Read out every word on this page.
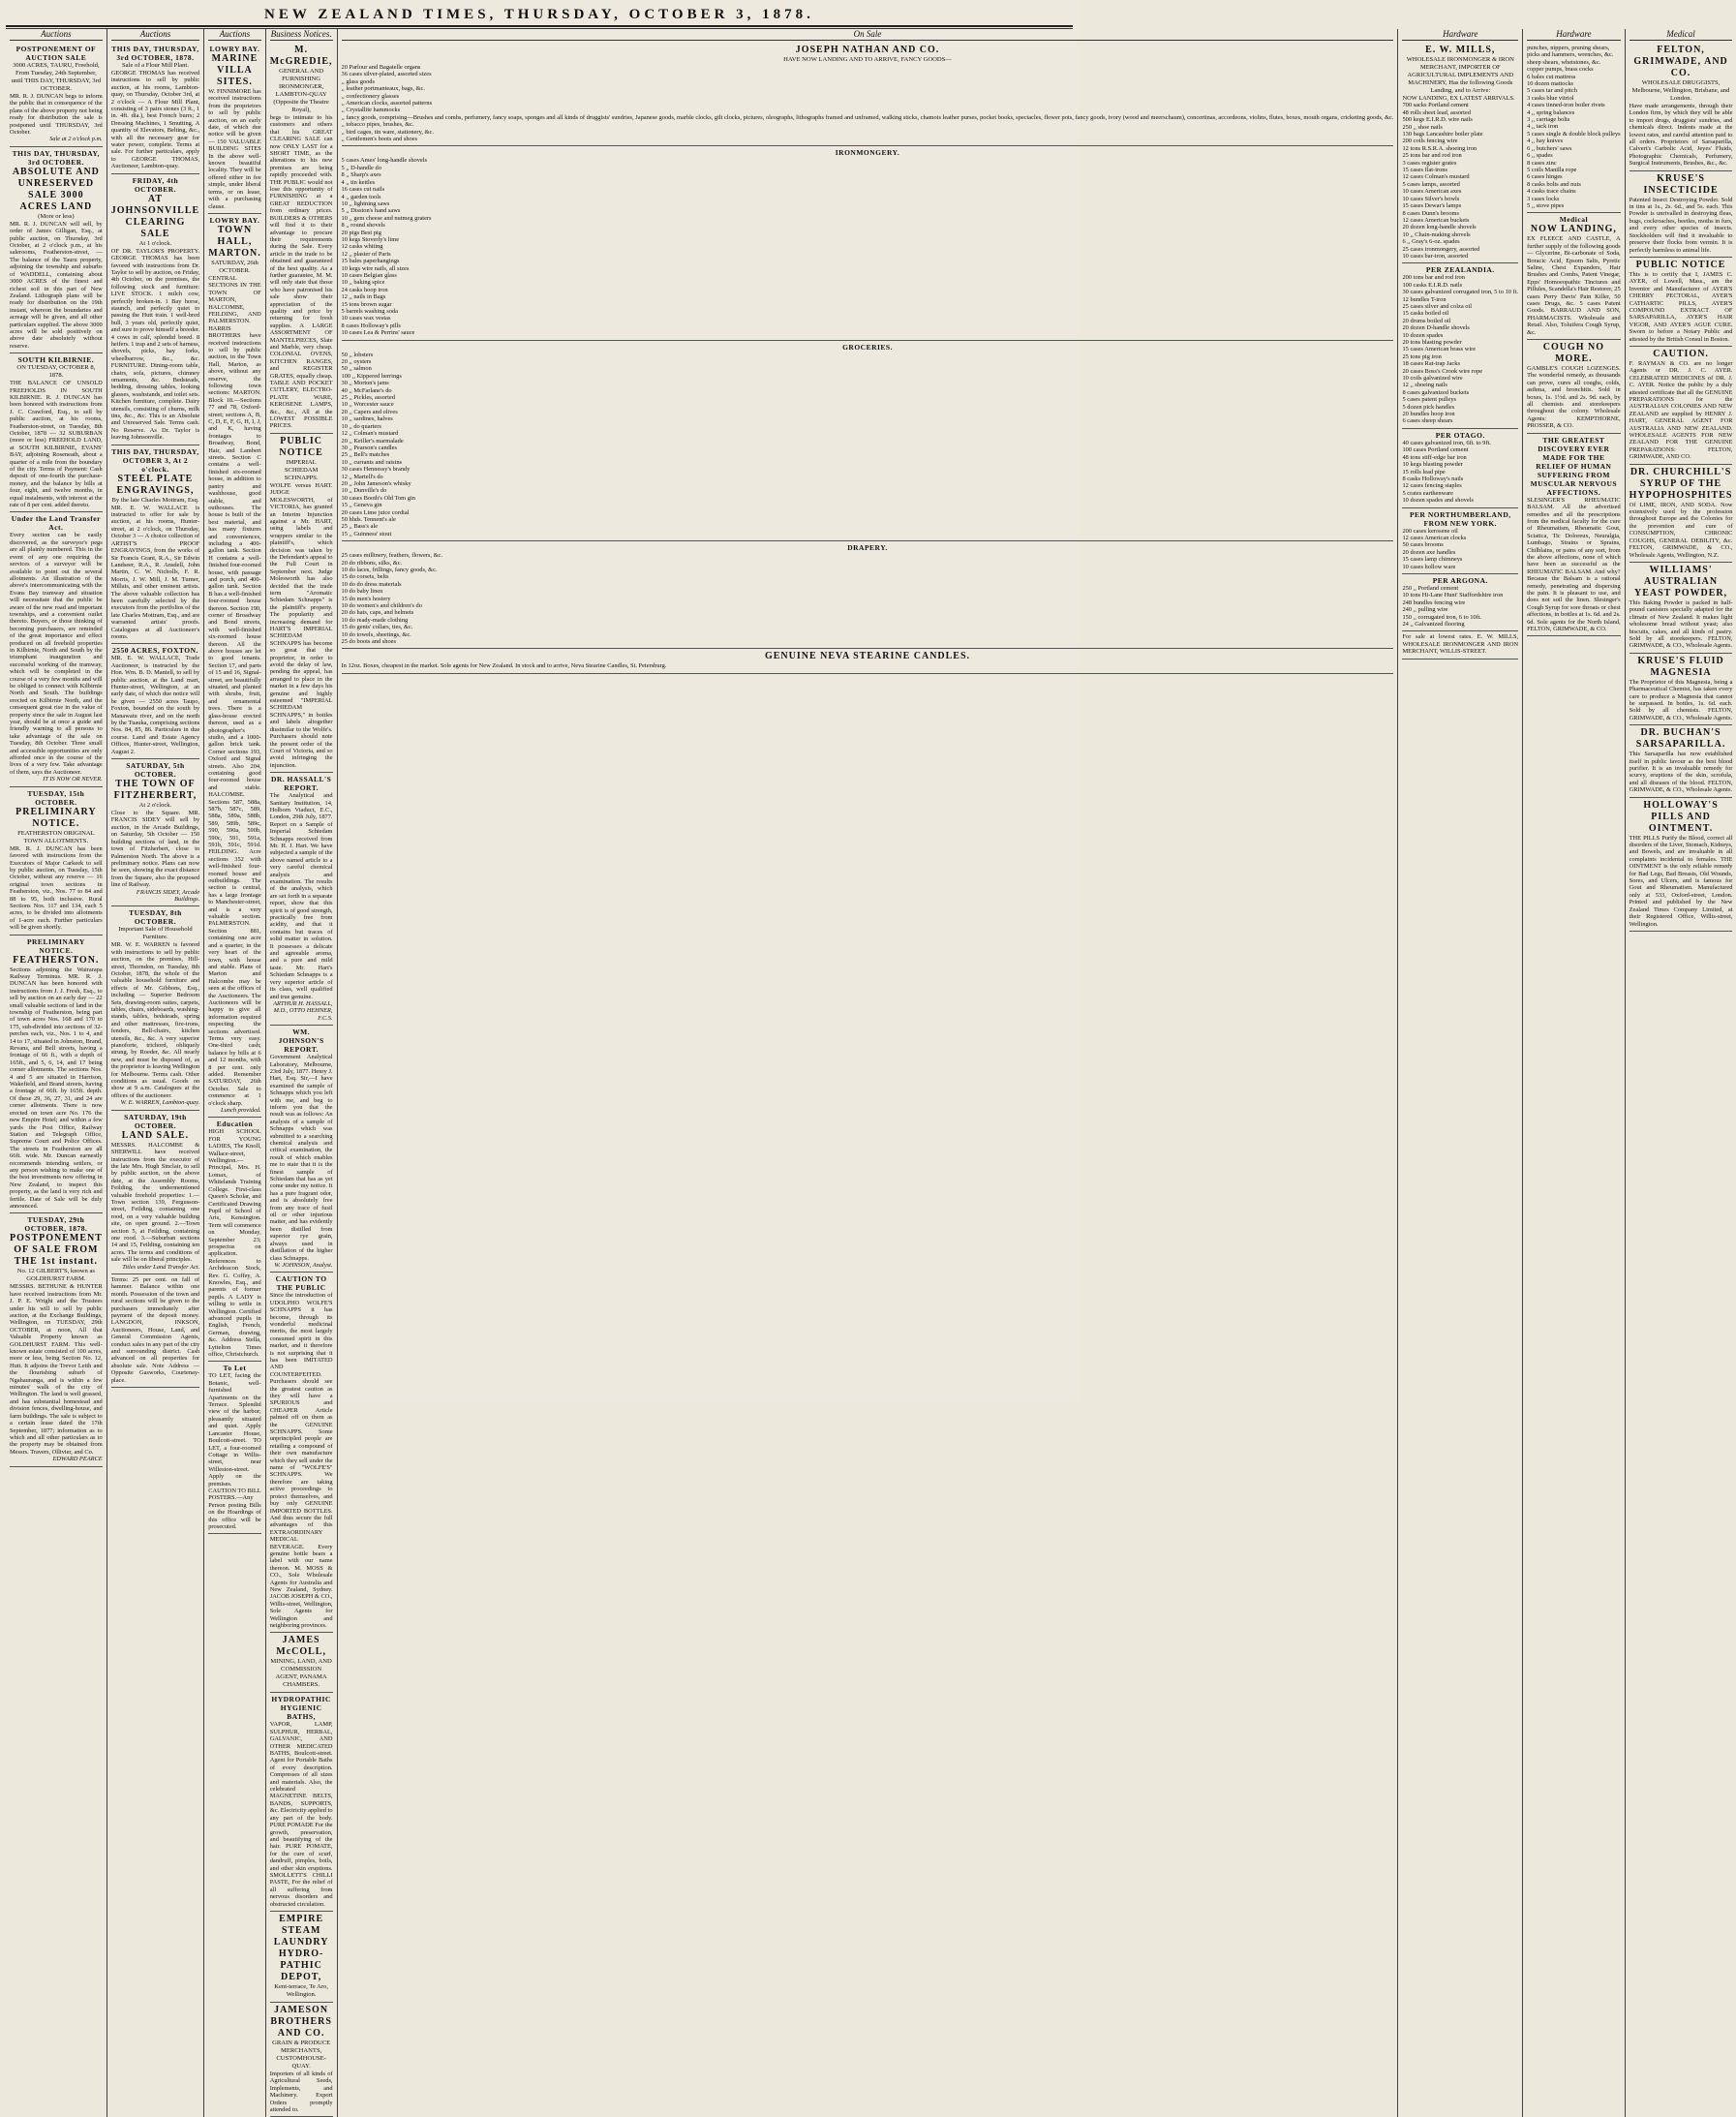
NEW ZEALAND TIMES, THURSDAY, OCTOBER 3, 1878.
Auctions
POSTPONEMENT OF AUCTION SALE
3000 ACRES, TAURU, Freehold, From Tuesday, 24th September, until THIS DAY, THURSDAY, 3rd OCTOBER.
MR. R. J. DUNCAN begs to inform the public that in consequence of the plans of the above property not being ready for distribution the sale is postponed until THURSDAY, 3rd October.
Sale at 2 o'clock p.m.
THIS DAY, THURSDAY, 3rd OCTOBER.
ABSOLUTE AND UNRESERVED SALE 3000 ACRES LAND
(More or less)
MR. R. J. DUNCAN will sell, by order of James Gilligan, Esq., at public auction, on Thursday, 3rd October, at 2 o'clock p.m., at his salerooms, Featherston-street, — The balance of the Tauru property, adjoining the township and suburbs of WADDELL, containing about 3000 ACRES of the finest and richest soil in this part of New Zealand. Lithograph plans will be ready for distribution on the 19th instant, whereon the boundaries and acreage will be given, and all other particulars supplied. The above 3000 acres will be sold positively on above date absolutely without reserve.
SOUTH KILBIRNIE.
ON TUESDAY, OCTOBER 8, 1878.
THE BALANCE OF UNSOLD FREEHOLDS IN SOUTH KILBIRNIE. R. J. DUNCAN has been honored with instructions from J. C. Crawford, Esq., to sell by public auction, at his rooms, Featherston-street, on Tuesday, 8th October, 1878 — 32 SUBURBAN (more or less) FREEHOLD LAND, at SOUTH KILBIRNIE, EVANS' BAY, adjoining Roseneath, about a quarter of a mile from the boundary of the city. Terms of Payment: Cash deposit of one-fourth the purchase-money, and the balance by bills at four, eight, and twelve months, in equal instalments, with interest at the rate of 8 per cent. added thereto.
Under the Land Transfer Act.
Every section can be easily discovered, as the surveyor's pegs are all plainly numbered. This in the event of any one requiring the services of a surveyor will be available to point out the several allotments. An illustration of the above's intercommunicating with the Evans Bay tramway and situation will necessitate that the public be aware of the new road and important townships, and a convenient outlet thereto. Buyers, or those thinking of becoming purchasers, are reminded of the great importance and effect produced on all freehold properties in Kilbirnie, North and South by the triumphant inauguration and successful working of the tramway, which will be completed in the course of a very few months and will be obliged to connect with Kilbirnie North and South. The buildings erected on Kilbirnie North, and the consequent great rise in the value of property since the sale in August last year, should be at once a guide and friendly warning to all persons to take advantage of the sale on Tuesday, 8th October. Three small and accessible opportunities are only afforded once in the course of the lives of a very few. Take advantage of them, says the Auctioneer.
IT IS NOW OR NEVER.
TUESDAY, 15th OCTOBER.
PRELIMINARY NOTICE.
FEATHERSTON ORIGINAL TOWN ALLOTMENTS.
MR. R. J. DUNCAN has been favored with instructions from the Executors of Major Carkeek to sell by public auction, on Tuesday, 15th October, without any reserve — 16 original town sections in Featherston, viz., Nos. 77 to 84 and 88 to 95, both inclusive. Rural Sections Nos. 117 and 134, each 5 acres, to be divided into allotments of 1-acre each. Further particulars will be given shortly.
PRELIMINARY NOTICE.
FEATHERSTON.
Sections adjoining the Wairarapa Railway Terminus. MR. R. J. DUNCAN has been honored with instructions from J. J. Fresh, Esq., to sell by auction on an early day — 22 small valuable sections of land in the township of Featherston, being part of town acres Nos. 168 and 170 to 175, sub-divided into sections of 32-perches each, viz., Nos. 1 to 4, and 14 to 17, situated in Johnston, Brand, Revans, and Bell streets, having a frontage of 66 ft., with a depth of 165ft., and 5, 6, 14, and 17 being corner allotments. The sections Nos. 4 and 5 are situated in Harrison, Wakefield, and Brand streets, having a frontage of 66ft. by 165ft. depth. Of these 29, 36, 27, 31, and 24 are corner allotments. There is now erected on town acre No. 176 the new Empire Hotel; and within a few yards the Post Office, Railway Station and Telegraph Office, Supreme Court and Police Offices. The streets in Featherston are all 66ft. wide. Mr. Duncan earnestly recommends intending settlers, or any person wishing to make one of the best investments now offering in New Zealand, to inspect this property, as the land is very rich and fertile. Date of Sale will be duly announced.
TUESDAY, 29th OCTOBER, 1878.
POSTPONEMENT OF SALE FROM THE 1st instant.
No. 12 GILBERT'S, known as GOLDHURST FARM.
MESSRS. BETHUNE & HUNTER have received instructions from Mr. J. P. E. Wright and the Trustees under his will to sell by public auction, at the Exchange Buildings, Wellington, on TUESDAY, 29th OCTOBER, at noon, All that Valuable Property known as GOLDHURST FARM. This well-known estate consisted of 100 acres, more or less, being Section No. 12, Hutt. It adjoins the Trevor Leith and the flourishing suburb of Ngahauranga, and is within a few minutes' walk of the city of Wellington. The land is well grassed, and has substantial homestead and division fences, dwelling-house, and farm buildings. The sale is subject to a certain lease dated the 17th September, 1877; information as to which and all other particulars as to the property may be obtained from Messrs. Travers, Ollivier, and Co.
EDWARD PEARCE
Auctions
THIS DAY, THURSDAY, 3rd OCTOBER, 1878.
Sale of a Flour Mill Plant.
GEORGE THOMAS has received instructions to sell by public auction, at his rooms, Lambton-quay, on Thursday, October 3rd, at 2 o'clock — A Flour Mill Plant, consisting of 3 pairs stones (3 ft., 1 in. 4ft. dia.), best French burrs; 2 Dressing Machines, 1 Smutting, A quantity of Elevators, Belting, &c., with all the necessary gear for water power, complete. Terms at sale. For further particulars, apply to GEORGE THOMAS, Auctioneer, Lambton-quay.
FRIDAY, 4th OCTOBER.
AT JOHNSONVILLE CLEARING SALE
At 1 o'clock.
OF DR. TAYLOR'S PROPERTY. GEORGE THOMAS has been favored with instructions from Dr. Taylor to sell by auction, on Friday, 4th October, on the premises, the following stock and furniture: LIVE STOCK. 1 milch cow, perfectly broken-in. 1 Bay horse, staunch, and perfectly quiet to passing the Hutt train. 1 well-bred bull, 3 years old, perfectly quiet, and sure to prove himself a breeder. 4 cows in calf, splendid breed. 8 heifers. 1 trap and 2 sets of harness, shovels, picks, hay forks, wheelbarrow, &c., &c. FURNITURE. Dining-room table, chairs, sofa, pictures, chimney ornaments, &c. Bedsteads, bedding, dressing tables, looking glasses, washstands, and toilet sets. Kitchen furniture, complete. Dairy utensils, consisting of churns, milk tins, &c., &c. This is an Absolute and Unreserved Sale. Terms cash. No Reserve. As Dr. Taylor is leaving Johnsonville.
THIS DAY, THURSDAY, OCTOBER 3, At 2 o'clock.
STEEL PLATE ENGRAVINGS,
By the late Charles Mottram, Esq.
MR. E. W. WALLACE is instructed to offer for sale by auction, at his rooms, Hunter-street, at 2 o'clock, on Thursday, October 3 — A choice collection of ARTIST'S PROOF ENGRAVINGS, from the works of Sir Francis Grant, R.A., Sir Edwin Landseer, R.A., R. Ansdell, John Martin, C. W. Nicholls, F. R. Morris, J. W. Mill, J. M. Turner, Millais, and other eminent artists. The above valuable collection has been carefully selected by the executors from the portfolios of the late Charles Mottram, Esq., and are warranted artists' proofs. Catalogues at all Auctioneer's rooms.
2550 ACRES, FOXTON.
MR. E. W. WALLACE, Trade Auctioneer, is instructed by the Hon. Wm. B. D. Mantell, to sell by public auction, at the Land mart, Hunter-street, Wellington, at an early date, of which due notice will be given — 2550 acres Taupo, Foxton, bounded on the south by Manawatu river, and on the north by the Tuauka, comprising sections Nos. 84, 85, 86. Particulars in due course. Land and Estate Agency Offices, Hunter-street, Wellington, August 2.
SATURDAY, 5th OCTOBER.
THE TOWN OF FITZHERBERT,
At 2 o'clock.
Close to the Square. MR. FRANCIS SIDEY will sell by auction, in the Arcade Buildings, on Saturday, 5th October — 150 building sections of land, in the town of Fitzherbert, close to Palmerston North. The above is a preliminary notice. Plans can now be seen, showing the exact distance from the Square, also the proposed line of Railway.
FRANCIS SIDEY, Arcade Buildings.
TUESDAY, 8th OCTOBER.
Important Sale of Household Furniture.
MR. W. E. WARREN is favored with instructions to sell by public auction, on the premises, Hill-street, Thorndon, on Tuesday, 8th October, 1878, the whole of the valuable household furniture and effects of Mr. Gibbons, Esq., including — Superior Bedroom Sets, drawing-room suites, carpets, tables, chairs, sideboards, washing-stands, tables, bedsteads, spring and other mattresses, fire-irons, fenders, Bell-chairs, kitchen utensils, &c., &c. A very superior pianoforte, trichord, obliquely strung, by Roeder, &c. All nearly new, and must be disposed of, as the proprietor is leaving Wellington for Melbourne. Terms cash. Other conditions as usual. Goods on show at 9 a.m. Catalogues at the offices of the auctioneer.
W. E. WARREN, Lambton-quay.
SATURDAY, 19th OCTOBER.
LAND SALE.
MESSRS. HALCOMBE & SHERWILL have received instructions from the executor of the late Mrs. Hugh Sinclair, to sell by public auction, on the above date, at the Assembly Rooms, Feilding, the undermentioned valuable freehold properties: 1.—Town section 139, Fergusson-street, Feilding, containing one rood, on a very valuable building site, on open ground. 2.—Town section 5, at Feilding, containing one rood. 3.—Suburban sections 14 and 15, Feilding, containing ten acres. The terms and conditions of sale will be on liberal principles.
Titles under Land Transfer Act.
Terms: 25 per cent. on fall of hammer. Balance within one month. Possession of the town and rural sections will be given to the purchasers immediately after payment of the deposit money. LANGDON, INKSON, Auctioneers, House, Land, and General Commission Agents, conduct sales in any part of the city and surrounding district. Cash advanced on all properties for absolute sale. Note Address — Opposite Gasworks, Courtenay-place.
Auctions
LOWRY BAY.
MARINE VILLA SITES.
W. FINNIMORE has received instructions from the proprietors to sell by public auction, on an early date, of which due notice will be given — 150 VALUABLE BUILDING SITES In the above well-known beautiful locality. They will be offered either in fee simple, under liberal terms, or on lease, with a purchasing clause.
LOWRY BAY.
TOWN HALL, MARTON.
SATURDAY, 26th OCTOBER.
CENTRAL SECTIONS IN THE TOWN OF MARTON, HALCOMBE, FEILDING, AND PALMERSTON. HARRIS BROTHERS have received instructions to sell by public auction, in the Town Hall, Marton, as above, without any reserve, the following town sections: MARTON. Block 18.—Sections 77 and 78, Oxford-street; sections A, B, C, D, E, F, G, H, I, J, and K, having frontages to Broadway, Bond, Hair, and Lambert streets. Section C contains a well-finished six-roomed house, in addition to pantry and washhouse, good stable, and outhouses. The house is built of the best material, and has many fixtures and conveniences, including a 400-gallon tank. Section H contains a well-finished four-roomed house, with passage and porch, and 400-gallon tank. Section B has a well-finished four-roomed house thereon. Section 190, corner of Broadway and Bond streets, with well-finished six-roomed house thereon. All the above houses are let to good tenants. Section 17, and parts of 15 and 16, Signal-street, are beautifully situated, and planted with shrubs, fruit, and ornamental trees. There is a glass-house erected thereon, used as a photographer's studio, and a 1000-gallon brick tank. Corner sections 193, Oxford and Signal streets. Also 204, containing good four-roomed house and stable. HALCOMBE. Sections 587, 588a, 587b, 587c, 589, 588a, 589a, 588b, 589, 589b, 589c, 590, 590a, 590b, 590c, 591, 591a, 591b, 591c, 591d. FEILDING. Acre sections 352 with well-finished four-roomed house and outbuildings. The section is central, has a large frontage to Manchester-street, and is a very valuable section. PALMERSTON. Section 881, containing one acre and a quarter, in the very heart of the town, with house and stable. Plans of Marton and Halcombe may be seen at the offices of the Auctioneers. The Auctioneers will be happy to give all information required respecting the sections advertised. Terms very easy. One-third cash; balance by bills at 6 and 12 months, with 8 per cent. only added. Remember SATURDAY, 26th October. Sale to commence at 1 o'clock sharp.
Lunch provided.
Education
HIGH SCHOOL FOR YOUNG LADIES, The Knoll, Wallace-street, Wellington.—Principal, Mrs. H. Lomax, of Whitelands Training College. First-class Queen's Scholar, and Certificated Drawing Pupil of School of Arts, Kensington. Term will commence on Monday, September 23; prospectus on application. References to Archdeacon Stock, Rev. G. Coffey, A. Knowles, Esq., and parents of former pupils. A LADY is willing to settle in Wellington. Certified advanced pupils in English, French, German, drawing, &c. Address Stella, Lyttelton Times office, Christchurch.
To Let
TO LET, facing the Botanic, well-furnished Apartments on the Terrace. Splendid view of the harbor; pleasantly situated and quiet. Apply Lancaster House, Boulcott-street. TO LET, a four-roomed Cottage in Willis-street, near Willeston-street. Apply on the premises. CAUTION TO BILL POSTERS.—Any Person posting Bills on the Hoardings of this office will be prosecuted.
Business Notices.
M. McGREDIE,
GENERAL AND FURNISHING IRONMONGER, LAMBTON-QUAY (Opposite the Theatre Royal),
begs to intimate to his customers and others that his GREAT CLEARING SALE can now ONLY LAST for a SHORT TIME, as the alterations to his new premises are being rapidly proceeded with. THE PUBLIC would not lose this opportunity of FURNISHING at a GREAT REDUCTION from ordinary prices. BUILDERS & OTHERS will find it to their advantage to procure their requirements during the Sale. Every article in the trade to be obtained and guaranteed of the best quality. As a further guarantee, M. M. will only state that those who have patronised his sale show their appreciation of the quality and price by returning for fresh supplies. A LARGE ASSORTMENT OF MANTELPIECES, Slate and Marble, very cheap. COLONIAL OVENS, KITCHEN RANGES, and REGISTER GRATES, equally cheap. TABLE AND POCKET CUTLERY, ELECTRO-PLATE WARE, KEROSENE LAMPS, &c., &c., All at the LOWEST POSSIBLE PRICES.
PUBLIC NOTICE
IMPERIAL SCHIEDAM SCHNAPPS.
WOLFE versus HART. JUDGE MOLESWORTH, of VICTORIA, has granted an Interim Injunction against a Mr. HART, using labels and wrappers similar to the plaintiff's, which decision was taken by the Defendant's appeal to the Full Court in September next. Judge Molesworth has also decided that the trade term "Aromatic Schiedam Schnapps" is the plaintiff's property. The popularity and increasing demand for HART'S IMPERIAL SCHIEDAM SCHNAPPS has become so great that the proprietor, in order to avoid the delay of law, pending the appeal, has arranged to place in the market in a few days his genuine and highly esteemed "IMPERIAL SCHIEDAM SCHNAPPS," in bottles and labels altogether dissimilar to the Wolfe's. Purchasers should note the present order of the Court of Victoria, and so avoid infringing the injunction.
DR. HASSALL'S REPORT.
The Analytical and Sanitary Institution, 14, Holborn Viaduct, E.C., London, 29th July, 1877. Report on a Sample of Imperial Schiedam Schnapps received from Mr. H. J. Hart. We have subjected a sample of the above named article to a very careful chemical analysis and examination. The results of the analysis, which are set forth in a separate report, show that this spirit is of good strength, practically free from acidity, and that it contains but traces of solid matter in solution. It possesses a delicate and agreeable aroma, and a pure and mild taste. Mr. Hart's Schiedam Schnapps is a very superior article of its class, well qualified and true genuine.
ARTHUR H. HASSALL, M.D., OTTO HEHNER, F.C.S.
WM. JOHNSON'S REPORT.
Government Analytical Laboratory, Melbourne, 23rd July, 1877. Henry J. Hart, Esq. Sir,—I have examined the sample of Schnapps which you left with me, and beg to inform you that the result was as follows: An analysis of a sample of Schnapps which was submitted to a searching chemical analysis and critical examination, the result of which enables me to state that it is the finest sample of Schiedam that has as yet come under my notice. It has a pure fragrant odor, and is absolutely free from any trace of fusil oil or other injurious matter, and has evidently been distilled from superior rye grain, always used in distillation of the higher class Schnapps.
W. JOHNSON, Analyst.
CAUTION TO THE PUBLIC
Since the introduction of UDOLPHO WOLFE'S SCHNAPPS it has become, through its wonderful medicinal merits, the most largely consumed spirit in this market, and it therefore is not surprising that it has been IMITATED AND COUNTERFEITED. Purchasers should see the greatest caution as they will have a SPURIOUS and CHEAPER Article palmed off on them as the GENUINE SCHNAPPS. Some unprincipled people are retailing a compound of their own manufacture which they sell under the name of "WOLFE'S" SCHNAPPS. We therefore are taking active proceedings to protect themselves, and buy only GENUINE IMPORTED BOTTLES. And thus secure the full advantages of this EXTRAORDINARY MEDICAL BEVERAGE. Every genuine bottle bears a label with our name thereon. M. MOSS & CO., Sole Wholesale Agents for Australia and New Zealand, Sydney. JACOB JOSEPH & CO., Willis-street, Wellington, Sole Agents for Wellington and neighboring provinces.
JAMES McCOLL,
MINING, LAND, AND COMMISSION AGENT, PANAMA CHAMBERS.
HYDROPATHIC HYGIENIC BATHS,
VAPOR, LAMP, SULPHUR, HERBAL, GALVANIC, AND OTHER MEDICATED BATHS, Boulcott-street. Agent for Portable Baths of every description. Compresses of all sizes and materials. Also, the celebrated MAGNETINE BELTS, BANDS, SUPPORTS, &c. Electricity applied to any part of the body. PURE POMADE For the growth, preservation, and beautifying of the hair. PURE POMATE, for the cure of scurf, dandruff, pimples, boils, and other skin eruptions. SMOLLETT'S CHILLI PASTE, For the relief of all suffering from nervous disorders and obstructed circulation.
EMPIRE STEAM LAUNDRY HYDRO-PATHIC DEPOT,
Kent-terrace, Te Aro, Wellington.
JAMESON BROTHERS AND CO.
GRAIN & PRODUCE MERCHANTS, CUSTOMHOUSE-QUAY.
Importers of all kinds of Agricultural Seeds, Implements, and Machinery. Export Orders promptly attended to.
On Sale
JOSEPH NATHAN AND CO.
HAVE NOW LANDING AND TO ARRIVE, FANCY GOODS—
20 Parlour and Bagatelle organs
36 cases silver-plated, assorted sizes
,, glass goods
,, leather portmanteaux, bags, &c.
,, confectionery glasses
,, American clocks, assorted patterns
,, Crystallite hammocks
,, fancy goods, comprising—Brushes and combs, perfumery, fancy soaps, sponges and all kinds of druggists' sundries, Japanese goods, marble clocks, gilt clocks, pictures, oleographs, lithographs framed and unframed, walking sticks, chamois leather purses, pocket books, spectacles, flower pots, fancy goods, ivory (wood and meerschaum), concertinas, accordeons, violins, flutes, boxes, mouth organs, cricketing goods, &c.
,, tobacco pipes, brushes, &c.
,, bird cages, tin ware, stationery, &c.
,, Gentlemen's boots and shoes
IRONMONGERY.
5 cases Ames' long-handle shovels
5 ,, D-handle do
8 ,, Sharp's axes
4 ,, tin kettles
16 cases cut nails
4 ,, garden tools
10 ,, lightning saws
5 ,, Disston's hand saws
10 ,, gem cheese and nutmeg graters
8 ,, round shovels
20 pigs Best pig
10 kegs Stoverly's lime
12 casks whiting
12 ,, plaster of Paris
15 bales paperhangings
10 kegs wire nails, all sizes
10 cases Belgian glass
10 ,, baking spice
24 casks hoop iron
12 ,, nails in Bags
15 tons brown sugar
5 barrels washing soda
10 cases wax vestas
8 cases Holloway's pills
10 cases Lea & Perrins' sauce
GROCERIES.
50 ,, lobsters
20 ,, oysters
50 ,, salmon
100 ,, Kippered herrings
30 ,, Morton's jams
40 ,, McFarlane's do
25 ,, Pickles, assorted
10 ,, Worcester sauce
20 ,, Capers and olives
10 ,, sardines, halves
10 ,, do quarters
12 ,, Colman's mustard
20 ,, Keiller's marmalade
30 ,, Pearson's candles
25 ,, Bell's matches
10 ,, currants and raisins
30 cases Hennessy's brandy
12 ,, Martell's do
20 ,, John Jameson's whisky
10 ,, Dunville's do
30 cases Booth's Old Tom gin
15 ,, Geneva gin
20 cases Lime juice cordial
50 hhds. Tennent's ale
25 ,, Bass's ale
15 ,, Guinness' stout
DRAPERY.
25 cases millinery, feathers, flowers, &c.
20 do ribbons, silks, &c.
10 do laces, frillings, fancy goods, &c.
15 do corsets, belts
10 do do dress materials
10 do baby linen
15 do men's hosiery
10 do women's and children's do
20 do hats, caps, and helmets
10 do ready-made clothing
15 do gents' collars, ties, &c.
10 do towels, sheetings, &c.
25 do boots and shoes
GENUINE NEVA STEARINE CANDLES.
In 12oz. Boxes, cheapest in the market. Sole agents for New Zealand. In stock and to arrive, Neva Stearine Candles, St. Petersburg.
Hardware
E. W. MILLS,
WHOLESALE IRONMONGER & IRON MERCHANT, IMPORTER OF AGRICULTURAL IMPLEMENTS AND MACHINERY, Has the following Goods Landing, and to Arrive:
NOW LANDING, EX LATEST ARRIVALS.
700 sacks Portland cement
48 rolls sheet lead, assorted
500 kegs E.I.R.D. wire nails
250 ,, shoe nails
130 bags Lancashire boiler plate
200 coils fencing wire
12 tons R.S.R.A. shoeing iron
25 tons bar and rod iron
3 cases register grates
15 cases flat-irons
12 cases Colman's mustard
5 cases lamps, assorted
10 cases American axes
10 cases Silver's bowls
15 cases Dewar's lamps
8 cases Dunn's brooms
12 cases American buckets
20 dozen long-handle shovels
10 ,, Chain-making shovels
6 ,, Gray's 6-oz. spades
25 cases ironmongery, assorted
10 cases bar-iron, assorted
PER ZEALANDIA.
200 tons bar and rod iron
100 casks E.I.R.D. nails
30 cases galvanized corrugated iron, 5 to 10 ft.
12 bundles T-iron
25 cases silver and colza oil
15 casks boiled oil
20 drums boiled oil
20 dozen D-handle shovels
10 dozen spades
20 tons blasting powder
15 cases American brass wire
25 tons pig iron
18 cases Rat-trap Jacks
20 cases Boss's Crook wire rope
10 coils galvanized wire
12 ,, shoeing nails
8 cases galvanized buckets
5 cases patent pulleys
5 dozen pick handles
20 bundles hoop iron
6 cases sheep shears
PER OTAGO.
40 cases galvanized iron, 6ft. to 9ft.
100 cases Portland cement
48 tons stiff-edge bar iron
10 kegs blasting powder
15 rolls lead pipe
8 casks Holloway's nails
12 cases fencing staples
5 crates earthenware
10 dozen spades and shovels
PER NORTHUMBERLAND, FROM NEW YORK.
200 cases kerosene oil
12 cases American clocks
50 cases brooms
20 dozen axe handles
15 cases lamp chimneys
10 cases hollow ware
PER ARGONA.
250 ,, Portland cement
10 tons Hi-Lane Hunt' Staffordshire iron
248 bundles fencing wire
240 ,, pulling wire
150 ,, corrugated iron, 6 to 10ft.
24 ,, Galvanized flooring
For sale at lowest rates. E. W. MILLS, WHOLESALE IRONMONGER AND IRON MERCHANT, WILLIS-STREET.
Hardware
punches, nippers, pruning shears,
picks and hammers, wrenches, &c.
sheep shears, whetstones, &c.
copper pumps, brass cocks
6 bales cut mattress
10 dozen mattocks
5 cases tar and pitch
3 casks blue vitriol
4 cases tinned-iron boiler rivets
4 ,, spring balances
3 ,, carriage bolts
4 ,, tack iron
5 cases single & double block pulleys
4 ,, hay knives
6 ,, butchers' saws
6 ,, spades
8 cases zinc
5 coils Manilla rope
6 cases hinges
8 casks bolts and nuts
4 casks trace chains
3 cases locks
5 ,, stove pipes
Medical
NOW LANDING,
EX FLEECE AND CASTLE, A further supply of the following goods — Glycerine, Bi-carbonate of Soda, Boracic Acid, Epsom Salts, Pyretic Saline, Chest Expanders, Hair Brushes and Combs, Patent Vinegar, Epps' Homoeopathic Tinctures and Pillules, Scandella's Hair Restorer, 25 cases Perry Davis' Pain Killer, 50 cases Drugs, &c. 5 cases Patent Goods. BARRAUD AND SON, PHARMACISTS. Wholesale and Retail. Also, Toluifera Cough Syrup, &c.
COUGH NO MORE.
GAMBLE'S COUGH LOZENGES. The wonderful remedy, as thousands can prove, cures all coughs, colds, asthma, and bronchitis. Sold in boxes, 1s. 1½d. and 2s. 9d. each, by all chemists and storekeepers throughout the colony. Wholesale Agents: KEMPTHORNE, PROSSER, & CO.
THE GREATEST DISCOVERY EVER MADE FOR THE RELIEF OF HUMAN SUFFERING FROM MUSCULAR NERVOUS AFFECTIONS.
SLESINGER'S RHEUMATIC BALSAM. All the advertised remedies and all the prescriptions from the medical faculty for the cure of Rheumatism, Rheumatic Gout, Sciatica, Tic Doloreux, Neuralgia, Lumbago, Strains or Sprains, Chilblains, or pains of any sort, from the above affections, none of which have been as successful as the RHEUMATIC BALSAM. And why? Because the Balsam is a rational remedy, penetrating and dispersing the pain. It is pleasant to use, and does not soil the linen. Slesinger's Cough Syrup for sore throats or chest affections, in bottles at 1s. 6d. and 2s. 6d. Sole agents for the North Island, FELTON, GRIMWADE, & CO.
Medical
FELTON, GRIMWADE, AND CO.
WHOLESALE DRUGGISTS, Melbourne, Wellington, Brisbane, and London.
Have made arrangements, through their London firm, by which they will be able to import drugs, druggists' sundries, and chemicals direct. Indents made at the lowest rates, and careful attention paid to all orders. Proprietors of Sarsaparilla, Calvert's Carbolic Acid, Jeyes' Fluids, Photographic Chemicals, Perfumery, Surgical Instruments, Brushes, &c., &c.
KRUSE'S INSECTICIDE
Patented Insect Destroying Powder. Sold in tins at 1s., 2s. 6d., and 5s. each. This Powder is unrivalled in destroying fleas, bugs, cockroaches, beetles, moths in furs, and every other species of insects. Stockholders will find it invaluable to preserve their flocks from vermin. It is perfectly harmless to animal life.
PUBLIC NOTICE
This is to certify that I, JAMES C. AYER, of Lowell, Mass., am the Inventor and Manufacturer of AYER'S CHERRY PECTORAL, AYER'S CATHARTIC PILLS, AYER'S COMPOUND EXTRACT OF SARSAPARILLA, AYER'S HAIR VIGOR, AND AYER'S AGUE CURE. Sworn to before a Notary Public and attested by the British Consul in Boston.
CAUTION.
F. RAYMAN & CO. are no longer Agents or DR. J. C. AYER. CELEBRATED MEDICINES of DR. J. C. AYER. Notice the public by a duly attested certificate that all the GENUINE PREPARATIONS for the AUSTRALIAN COLONIES AND NEW ZEALAND are supplied by HENRY J. HART, GENERAL AGENT FOR AUSTRALIA AND NEW ZEALAND. WHOLESALE AGENTS FOR NEW ZEALAND FOR THE GENUINE PREPARATIONS: FELTON, GRIMWADE, AND CO.
DR. CHURCHILL'S SYRUP OF THE HYPOPHOSPHITES
Of LIME, IRON, AND SODA. Now extensively used by the profession throughout Europe and the Colonies for the prevention and cure of CONSUMPTION, CHRONIC COUGHS, GENERAL DEBILITY, &c. FELTON, GRIMWADE, & CO., Wholesale Agents, Wellington, N.Z.
WILLIAMS' AUSTRALIAN YEAST POWDER,
This Baking Powder is packed in half-pound canisters specially adapted for the climate of New Zealand. It makes light wholesome bread without yeast; also biscuits, cakes, and all kinds of pastry. Sold by all storekeepers. FELTON, GRIMWADE, & CO., Wholesale Agents.
KRUSE'S FLUID MAGNESIA
The Proprietor of this Magnesia, being a Pharmaceutical Chemist, has taken every care to produce a Magnesia that cannot be surpassed. In bottles, 1s. 6d. each. Sold by all chemists. FELTON, GRIMWADE, & CO., Wholesale Agents.
DR. BUCHAN'S SARSAPARILLA.
This Sarsaparilla has now established itself in public favour as the best blood purifier. It is an invaluable remedy for scurvy, eruptions of the skin, scrofula, and all diseases of the blood. FELTON, GRIMWADE, & CO., Wholesale Agents.
HOLLOWAY'S PILLS AND OINTMENT.
THE PILLS Purify the Blood, correct all disorders of the Liver, Stomach, Kidneys, and Bowels, and are invaluable in all complaints incidental to females. THE OINTMENT is the only reliable remedy for Bad Legs, Bad Breasts, Old Wounds, Sores, and Ulcers, and is famous for Gout and Rheumatism. Manufactured only at 533, Oxford-street, London. Printed and published by the New Zealand Times Company Limited, at their Registered Office, Willis-street, Wellington.
